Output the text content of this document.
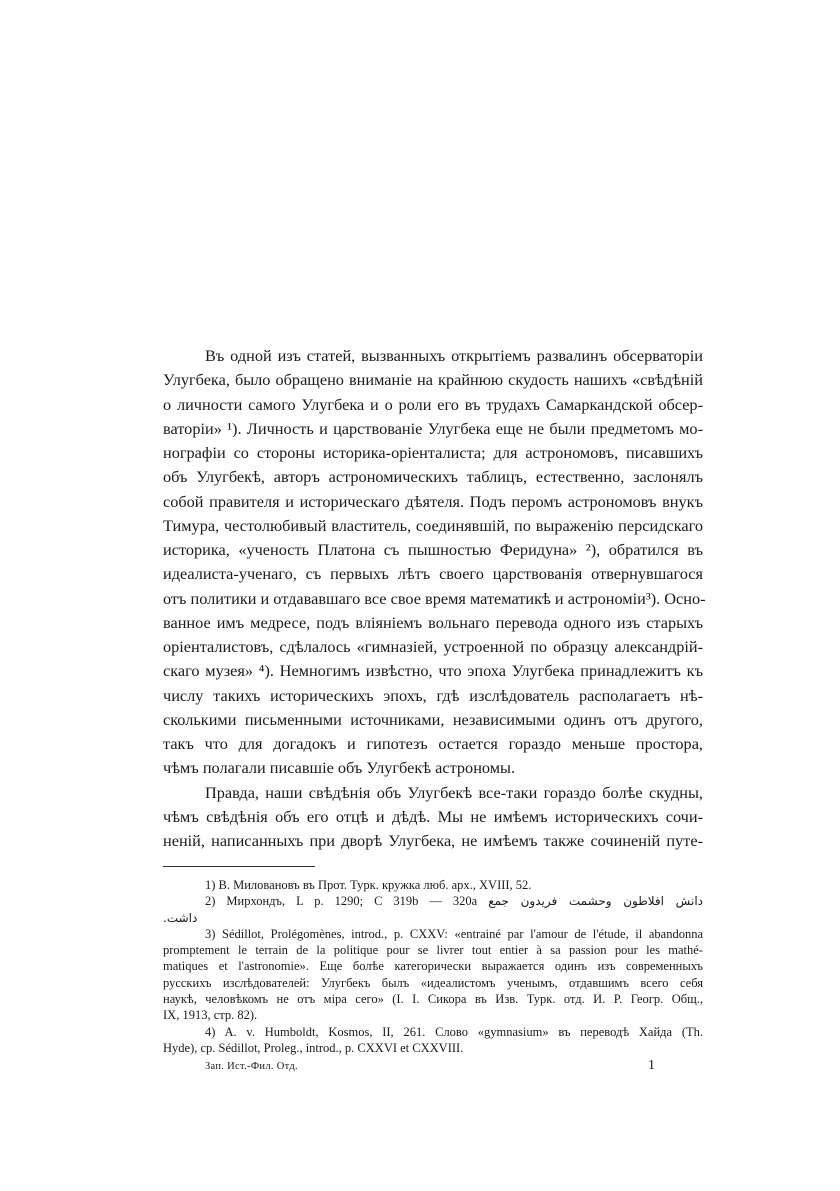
Въ одной изъ статей, вызванныхъ открытіемъ развалинъ обсерваторіи
Улугбека, было обращено вниманіе на крайнюю скудость нашихъ «свѣдѣній
о личности самого Улугбека и о роли его въ трудахъ Самаркандской обсер-
ваторіи» ¹). Личность и царствованіе Улугбека еще не были предметомъ мо-
нографіи со стороны историка-оріенталиста; для астрономовъ, писавшихъ
объ Улугбекѣ, авторъ астрономическихъ таблицъ, естественно, заслонялъ
собой правителя и историческаго дѣятеля. Подъ перомъ астрономовъ внукъ
Тимура, честолюбивый властитель, соединявшій, по выраженію персидскаго
историка, «ученость Платона съ пышностью Феридуна» ²), обратился въ
идеалиста-ученаго, съ первыхъ лѣтъ своего царствованія отвернувшагося
отъ политики и отдававшаго все свое время математикѣ и астрономіи³). Осно-
ванное имъ медресе, подъ вліяніемъ вольнаго перевода одного изъ старыхъ
оріенталистовъ, сдѣлалось «гимназіей, устроенной по образцу александрій-
скаго музея» ⁴). Немногимъ извѣстно, что эпоха Улугбека принадлежитъ къ
числу такихъ историческихъ эпохъ, гдѣ изслѣдователь располагаетъ нѣ-
сколькими письменными источниками, независимыми одинъ отъ другого,
такъ что для догадокъ и гипотезъ остается гораздо меньше простора,
чѣмъ полагали писавшіе объ Улугбекѣ астрономы.
Правда, наши свѣдѣнія объ Улугбекѣ все-таки гораздо болѣе скудны,
чѣмъ свѣдѣнія объ его отцѣ и дѣдѣ. Мы не имѣемъ историческихъ сочи-
неній, написанныхъ при дворѣ Улугбека, не имѣемъ также сочиненій путе-
1) В. Миловановъ въ Прот. Турк. кружка люб. арх., XVIII, 52.
2) Мирхондъ, L p. 1290; C 319b — 320a دانش افلاطون وحشمت فريدون جمع
داشت.
3) Sédillot, Prolégomènes, introd., p. CXXV: «entrainé par l'amour de l'étude, il abandonna
promptement le terrain de la politique pour se livrer tout entier à sa passion pour les mathé-
matiques et l'astronomie». Еще болѣе категорически выражается одинъ изъ современныхъ
русскихъ изслѣдователей: Улугбекъ былъ «идеалистомъ ученымъ, отдавшимъ всего себя
наукѣ, человѣкомъ не отъ міра сего» (I. I. Сикора въ Изв. Турк. отд. И. Р. Геогр. Общ.,
IX, 1913, стр. 82).
4) A. v. Humboldt, Kosmos, II, 261. Слово «gymnasium» въ переводѣ Хайда (Th.
Hyde), cp. Sédillot, Proleg., introd., p. CXXVI et CXXVIII.
Зап. Ист.-Фил. Отд.	1
